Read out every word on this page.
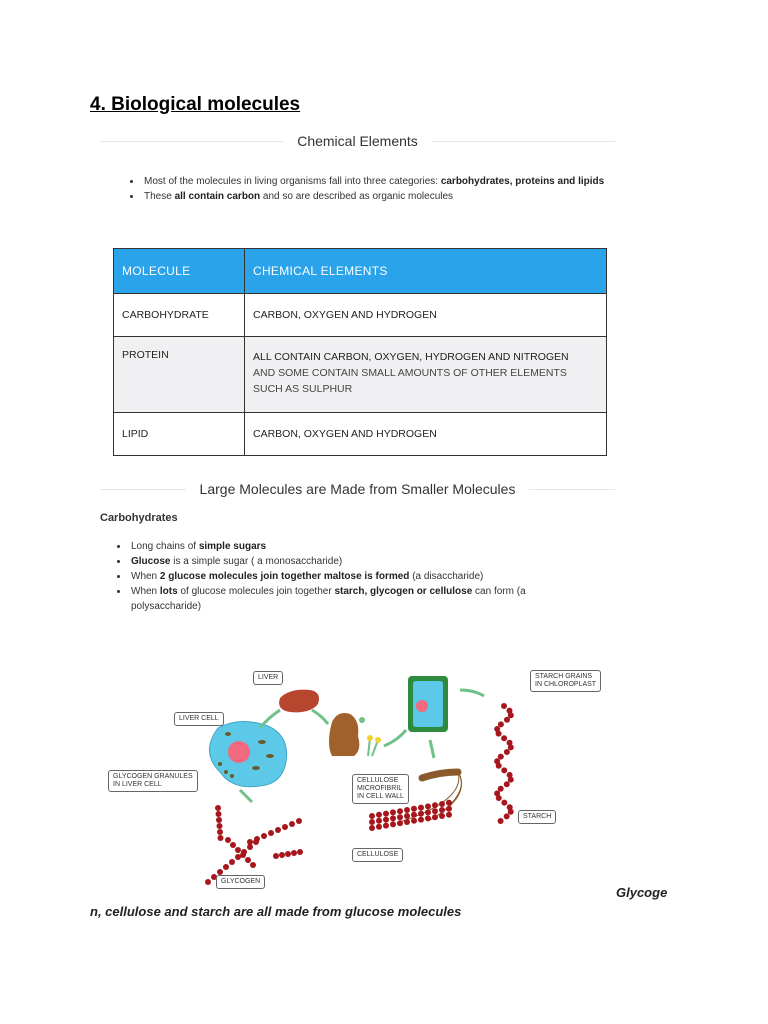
4. Biological molecules
Chemical Elements
• Most of the molecules in living organisms fall into three categories: carbohydrates, proteins and lipids
• These all contain carbon and so are described as organic molecules
MOLECULE	CHEMICAL ELEMENTS
CARBOHYDRATE	CARBON, OXYGEN AND HYDROGEN
PROTEIN	ALL CONTAIN CARBON, OXYGEN, HYDROGEN AND NITROGEN
AND SOME CONTAIN SMALL AMOUNTS OF OTHER ELEMENTS SUCH AS SULPHUR

LIPID	CARBON, OXYGEN AND HYDROGEN
Large Molecules are Made from Smaller Molecules
Carbohydrates
• Long chains of simple sugars
• Glucose is a simple sugar ( a monosaccharide)
• When 2 glucose molecules join together maltose is formed (a disaccharide)
• When lots of glucose molecules join together starch, glycogen or cellulose can form (a polysaccharide)
LIVER
LIVER CELL
GLYCOGEN GRANULES
IN LIVER CELL
STARCH GRAINS
IN CHLOROPLAST
CELLULOSE
MICROFIBRIL
IN CELL WALL
STARCH
CELLULOSE
GLYCOGEN
Glycoge
n, cellulose and starch are all made from glucose molecules
